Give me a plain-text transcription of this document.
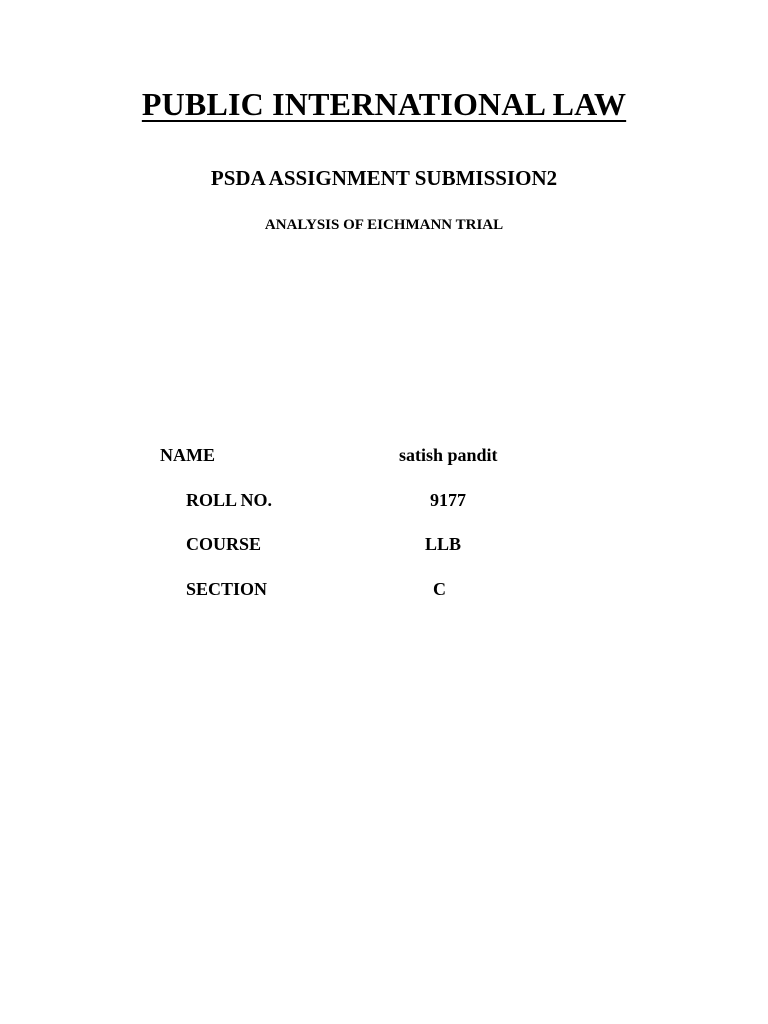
PUBLIC INTERNATIONAL LAW
PSDA ASSIGNMENT SUBMISSION2
ANALYSIS OF EICHMANN TRIAL
NAME	satish pandit
ROLL NO.	9177
COURSE	LLB
SECTION	C
